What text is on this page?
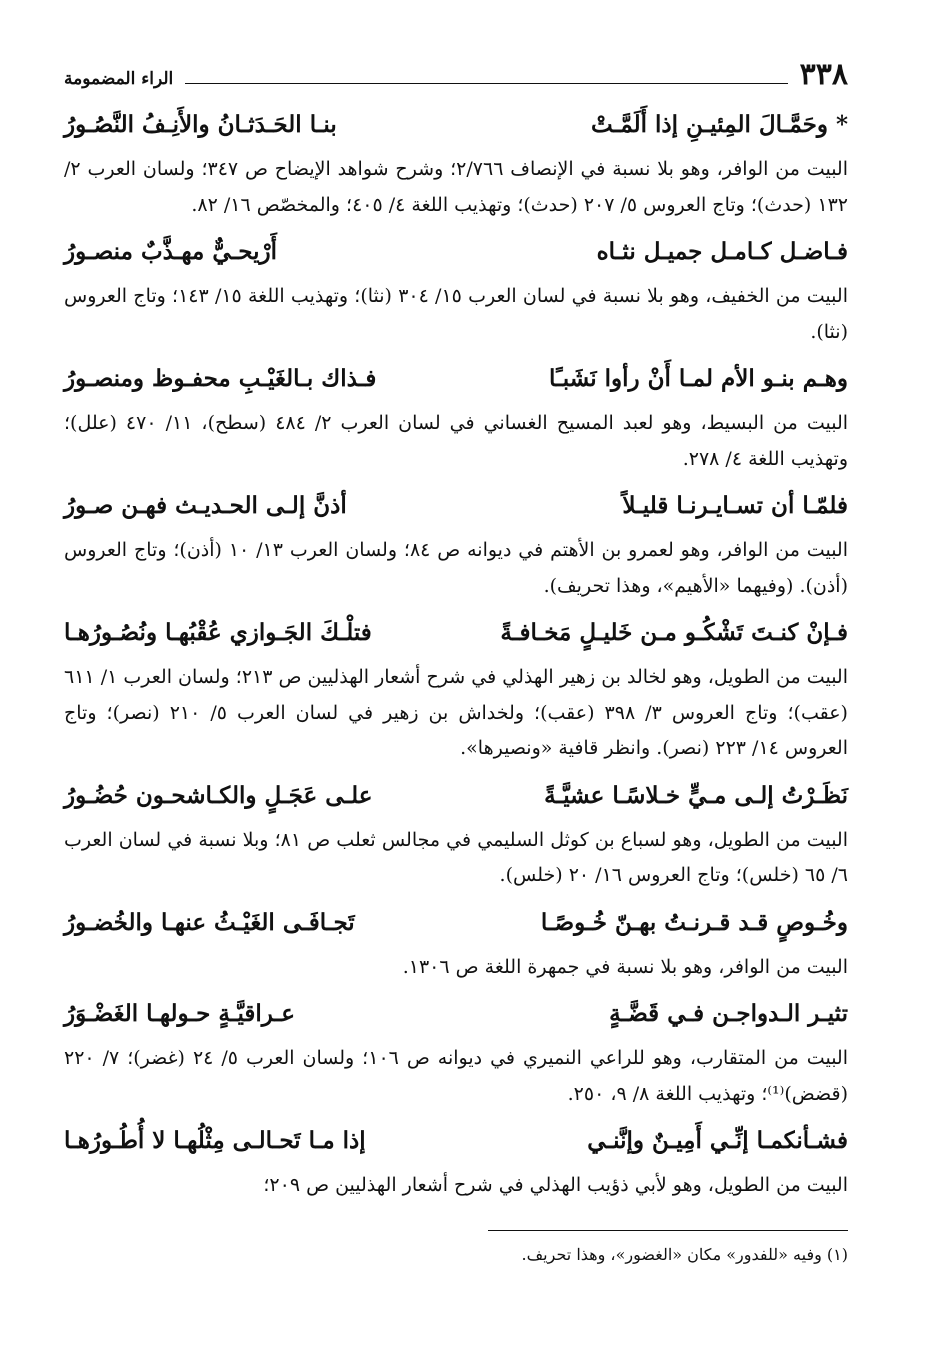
٣٣٨
الراء المضمومة
* وحَمَّـالَ المِئيـنِ إذا أَلَمَّـتْ
بنـا الحَـدَثـانُ والأَنِـفُ النَّصُـورُ

البيت من الوافر، وهو بلا نسبة في الإنصاف ٢/٧٦٦؛ وشرح شواهد الإيضاح ص ٣٤٧؛ ولسان العرب ٢/ ١٣٢ (حدث)؛ وتاج العروس ٥/ ٢٠٧ (حدث)؛ وتهذيب اللغة ٤/ ٤٠٥؛ والمخصّص ١٦/ ٨٢.

فـاضـل كـامـل جميـل نثـاه
أَرْيحـيٌّ مهـذَّبٌ منصـورُ

البيت من الخفيف، وهو بلا نسبة في لسان العرب ١٥/ ٣٠٤ (نثا)؛ وتهذيب اللغة ١٥/ ١٤٣؛ وتاج العروس (نثا).

وهـم بنـو الأم لمـا أَنْ رأوا نَشَبـًا
فـذاك بـالغَيْـبِ محفـوظ ومنصـورُ

البيت من البسيط، وهو لعبد المسيح الغساني في لسان العرب ٢/ ٤٨٤ (سطح)، ١١/ ٤٧٠ (علل)؛ وتهذيب اللغة ٤/ ٢٧٨.

فلمّـا أن تسـايـرنـا قليـلاً
أذنَّ إلـى الحـديـث فهـن صـورُ

البيت من الوافر، وهو لعمرو بن الأهتم في ديوانه ص ٨٤؛ ولسان العرب ١٣/ ١٠ (أذن)؛ وتاج العروس (أذن). (وفيهما «الأهيم»، وهذا تحريف).

فـإنْ كنـتَ تَشْكُـو مـن خَليـلٍ مَخـافـةً
فتلْـكَ الجَـوازي عُقْبُهـا ونُصُـورُهـا

البيت من الطويل، وهو لخالد بن زهير الهذلي في شرح أشعار الهذليين ص ٢١٣؛ ولسان العرب ١/ ٦١١ (عقب)؛ وتاج العروس ٣/ ٣٩٨ (عقب)؛ ولخداش بن زهير في لسان العرب ٥/ ٢١٠ (نصر)؛ وتاج العروس ١٤/ ٢٢٣ (نصر). وانظر قافية «ونصيرها».

نَظَـرْتُ إلـى مـيٍّ خـلاسًـا عشيَّـةً
علـى عَجَـلٍ والكـاشحـون حُضُـورُ

البيت من الطويل، وهو لسباع بن كوثل السليمي في مجالس ثعلب ص ٨١؛ وبلا نسبة في لسان العرب ٦/ ٦٥ (خلس)؛ وتاج العروس ١٦/ ٢٠ (خلس).

وخُـوصٍ قـد قـرنـتُ بهـنّ خُـوصًـا
تَجـافَـى الغَيْـثُ عنهـا والخُضـورُ

البيت من الوافر، وهو بلا نسبة في جمهرة اللغة ص ١٣٠٦.

تثيـر الـدواجـن فـي قَضَّـةٍ
عـراقيَّـةٍ حـولهـا الغَضْـوَرُ

البيت من المتقارب، وهو للراعي النميري في ديوانه ص ١٠٦؛ ولسان العرب ٥/ ٢٤ (غضر)؛ ٧/ ٢٢٠ (قضض)⁽¹⁾؛ وتهذيب اللغة ٨/ ٩، ٢٥٠.

فشـأنكمـا إنِّـي أَمِيـنٌ وإنَّنـي
إذا مـا تَحـالـى مِثْلُهـا لا أُطُـورُهـا

البيت من الطويل، وهو لأبي ذؤيب الهذلي في شرح أشعار الهذليين ص ٢٠٩؛

(١) وفيه «للفدور» مكان «الغضور»، وهذا تحريف.
